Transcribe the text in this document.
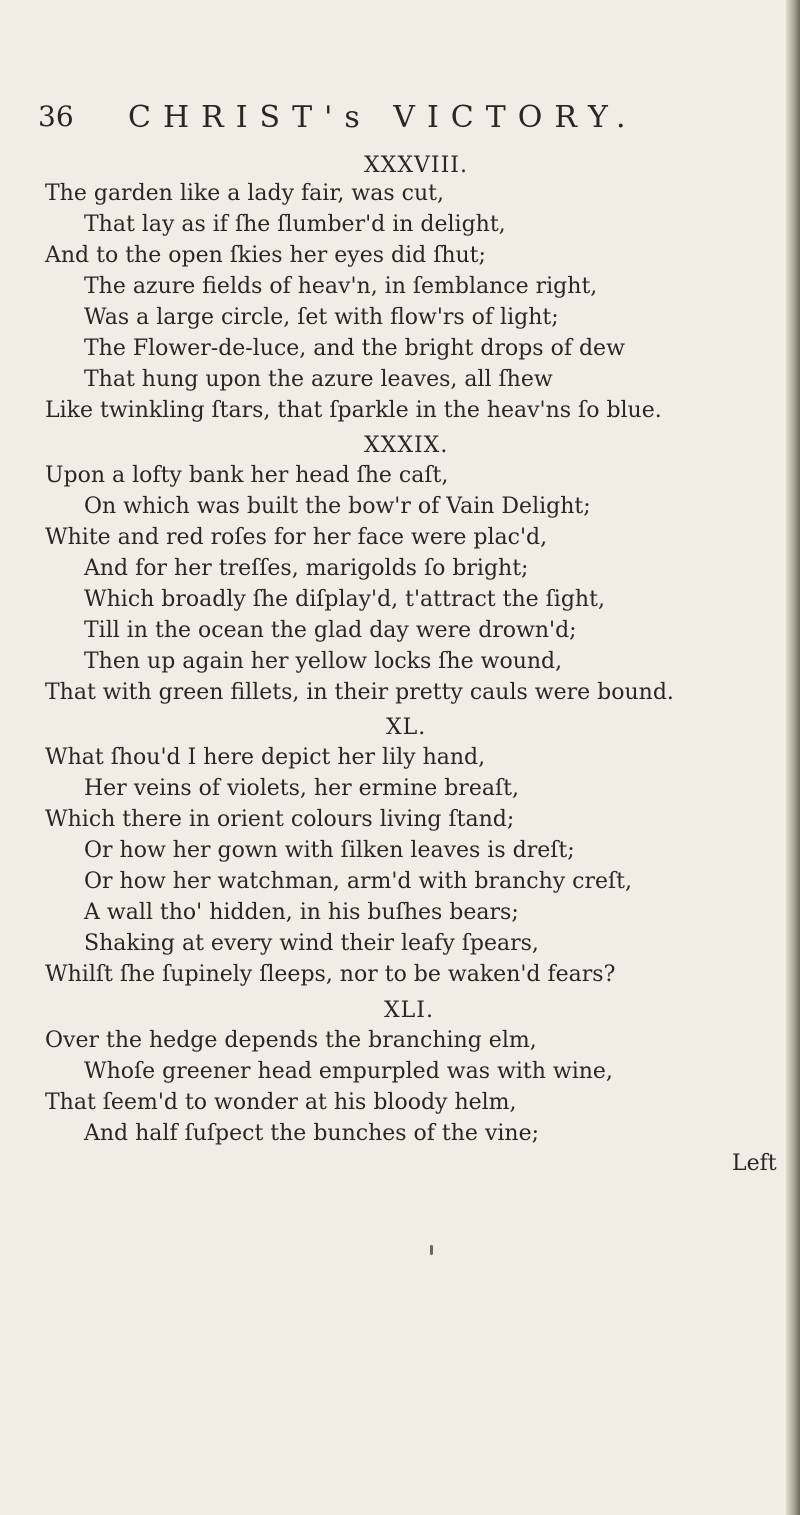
36 CHRIST's VICTORY.
XXXVIII.
The garden like a lady fair, was cut,
That lay as if ſhe ſlumber'd in delight,
And to the open ſkies her eyes did ſhut;
The azure fields of heav'n, in ſemblance right,
Was a large circle, ſet with flow'rs of light;
The Flower-de-luce, and the bright drops of dew
That hung upon the azure leaves, all ſhew
Like twinkling ſtars, that ſparkle in the heav'ns ſo blue.
XXXIX.
Upon a lofty bank her head ſhe caſt,
On which was built the bow'r of Vain Delight;
White and red roſes for her face were plac'd,
And for her treſſes, marigolds ſo bright;
Which broadly ſhe diſplay'd, t'attract the ſight,
Till in the ocean the glad day were drown'd;
Then up again her yellow locks ſhe wound,
That with green fillets, in their pretty cauls were bound.
XL.
What ſhou'd I here depict her lily hand,
Her veins of violets, her ermine breaſt,
Which there in orient colours living ſtand;
Or how her gown with ſilken leaves is dreſt;
Or how her watchman, arm'd with branchy creſt,
A wall tho' hidden, in his buſhes bears;
Shaking at every wind their leafy ſpears,
Whilſt ſhe ſupinely ſleeps, nor to be waken'd fears?
XLI.
Over the hedge depends the branching elm,
Whoſe greener head empurpled was with wine,
That ſeem'd to wonder at his bloody helm,
And half ſuſpect the bunches of the vine;
Left
